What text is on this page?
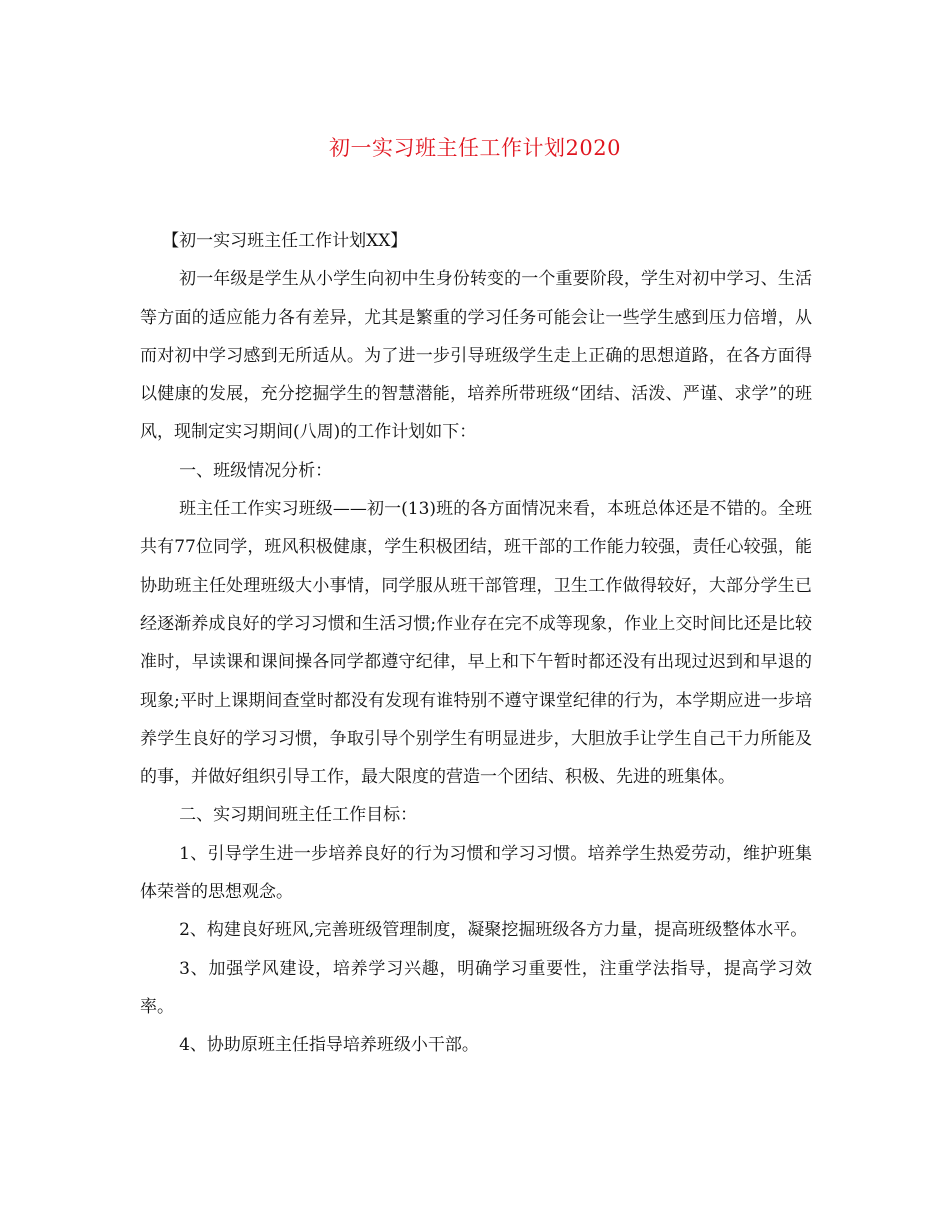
初一实习班主任工作计划2020

【初一实习班主任工作计划XX】

初一年级是学生从小学生向初中生身份转变的一个重要阶段，学生对初中学习、生活等方面的适应能力各有差异，尤其是繁重的学习任务可能会让一些学生感到压力倍增，从而对初中学习感到无所适从。为了进一步引导班级学生走上正确的思想道路，在各方面得以健康的发展，充分挖掘学生的智慧潜能，培养所带班级“团结、活泼、严谨、求学”的班风，现制定实习期间(八周)的工作计划如下：

一、班级情况分析：

班主任工作实习班级——初一(13)班的各方面情况来看，本班总体还是不错的。全班共有77位同学，班风积极健康，学生积极团结，班干部的工作能力较强，责任心较强，能协助班主任处理班级大小事情，同学服从班干部管理，卫生工作做得较好，大部分学生已经逐渐养成良好的学习习惯和生活习惯;作业存在完不成等现象，作业上交时间比还是比较准时，早读课和课间操各同学都遵守纪律，早上和下午暂时都还没有出现过迟到和早退的现象;平时上课期间查堂时都没有发现有谁特别不遵守课堂纪律的行为，本学期应进一步培养学生良好的学习习惯，争取引导个别学生有明显进步，大胆放手让学生自己干力所能及的事，并做好组织引导工作，最大限度的营造一个团结、积极、先进的班集体。

二、实习期间班主任工作目标：

1、引导学生进一步培养良好的行为习惯和学习习惯。培养学生热爱劳动，维护班集体荣誉的思想观念。

2、构建良好班风,完善班级管理制度，凝聚挖掘班级各方力量，提高班级整体水平。

3、加强学风建设，培养学习兴趣，明确学习重要性，注重学法指导，提高学习效率。

4、协助原班主任指导培养班级小干部。
